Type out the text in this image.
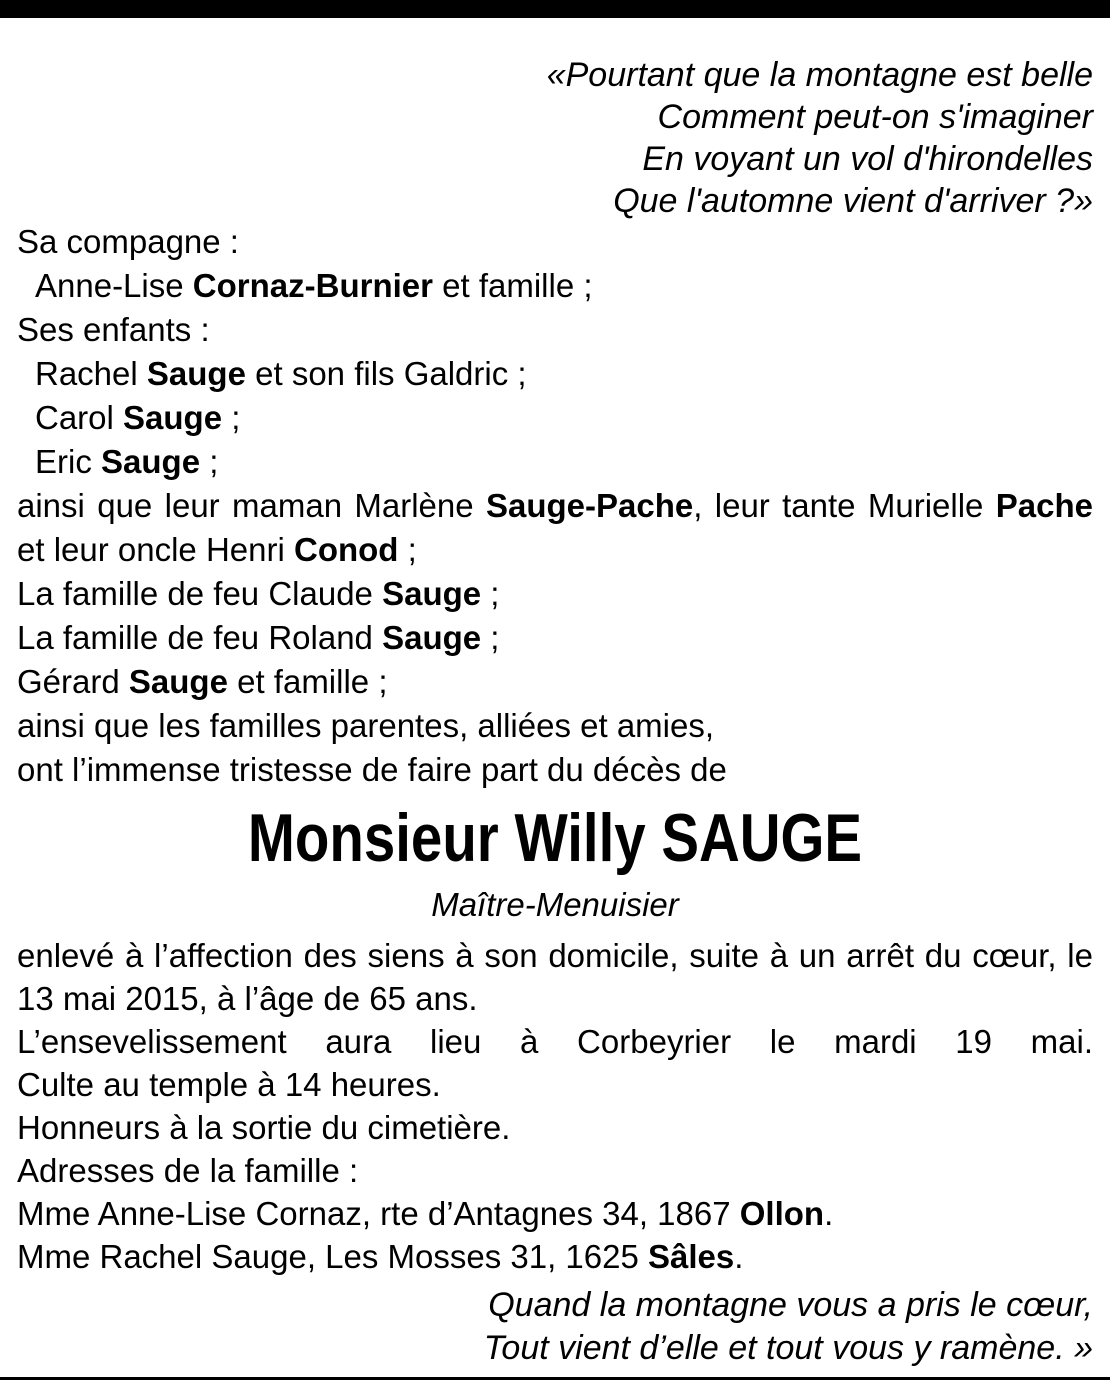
«Pourtant que la montagne est belle
Comment peut-on s'imaginer
En voyant un vol d'hirondelles
Que l'automne vient d'arriver ?»
Sa compagne :
Anne-Lise Cornaz-Burnier et famille ;
Ses enfants :
Rachel Sauge et son fils Galdric ;
Carol Sauge ;
Eric Sauge ;
ainsi que leur maman Marlène Sauge-Pache, leur tante Murielle Pache
et leur oncle Henri Conod ;
La famille de feu Claude Sauge ;
La famille de feu Roland Sauge ;
Gérard Sauge et famille ;
ainsi que les familles parentes, alliées et amies,
ont l’immense tristesse de faire part du décès de
Monsieur Willy SAUGE
Maître-Menuisier
enlevé à l’affection des siens à son domicile, suite à un arrêt du cœur, le
13 mai 2015, à l’âge de 65 ans.
L’ensevelissement aura lieu à Corbeyrier le mardi 19 mai.
Culte au temple à 14 heures.
Honneurs à la sortie du cimetière.
Adresses de la famille :
Mme Anne-Lise Cornaz, rte d’Antagnes 34, 1867 Ollon.
Mme Rachel Sauge, Les Mosses 31, 1625 Sâles.
Quand la montagne vous a pris le cœur,
Tout vient d’elle et tout vous y ramène. »
